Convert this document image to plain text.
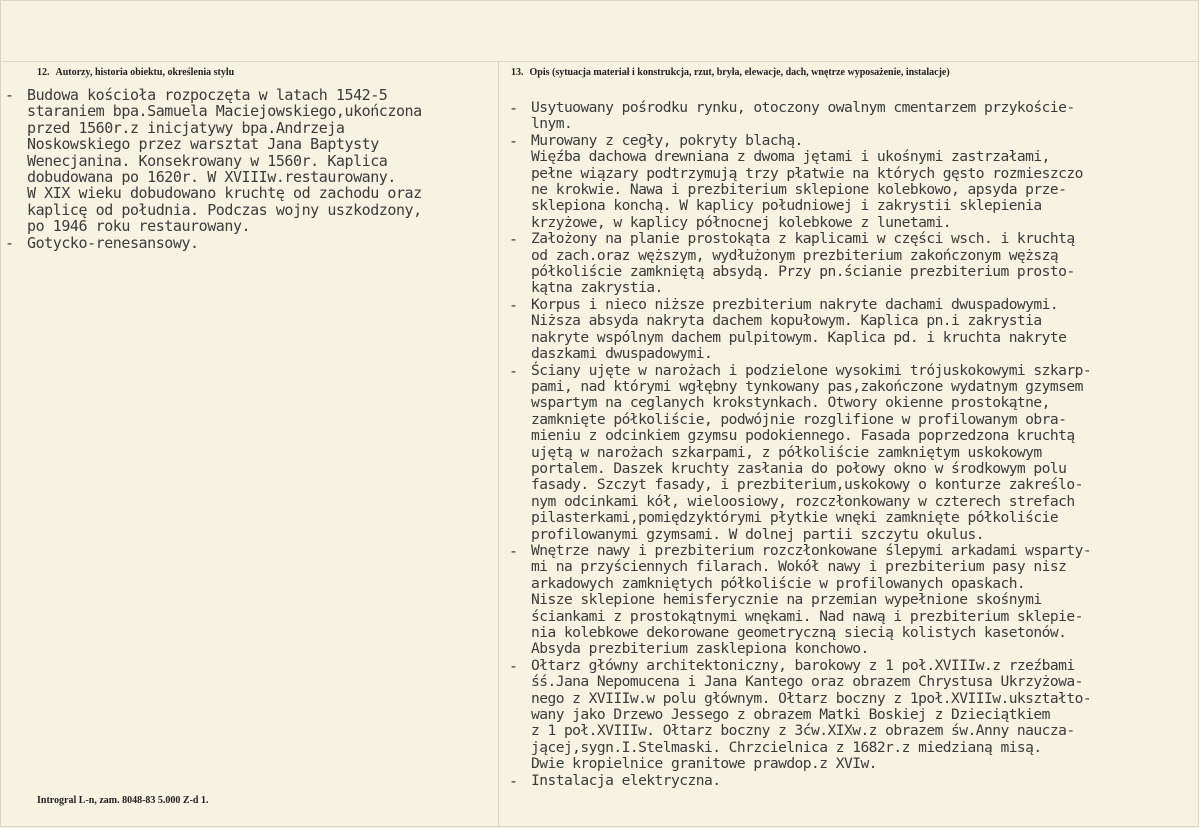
12. Autorzy, historia obiektu, określenia stylu	13. Opis (sytuacja materiał i konstrukcja, rzut, bryła, elewacje, dach, wnętrze wyposażenie, instalacje)
- Budowa kościoła rozpoczęta w latach 1542-5
staraniem bpa.Samuela Maciejowskiego,ukończona
przed 1560r.z inicjatywy bpa.Andrzeja
Noskowskiego przez warsztat Jana Baptysty
Wenecjanina. Konsekrowany w 1560r. Kaplica
dobudowana po 1620r. W XVIIIw.restaurowany.
W XIX wieku dobudowano kruchtę od zachodu oraz
kaplicę od południa. Podczas wojny uszkodzony,
po 1946 roku restaurowany.
- Gotycko-renesansowy.
- Usytuowany pośrodku rynku, otoczony owalnym cmentarzem przykoście-
lnym.
- Murowany z cegły, pokryty blachą.
Więźba dachowa drewniana z dwoma jętami i ukośnymi zastrzałami,
pełne wiązary podtrzymują trzy płatwie na których gęsto rozmieszczo
ne krokwie. Nawa i prezbiterium sklepione kolebkowo, apsyda prze-
sklepiona konchą. W kaplicy południowej i zakrystii sklepienia
krzyżowe, w kaplicy północnej kolebkowe z lunetami.
- Założony na planie prostokąta z kaplicami w części wsch. i kruchtą
od zach.oraz węższym, wydłużonym prezbiterium zakończonym węższą
półkoliście zamkniętą absydą. Przy pn.ścianie prezbiterium prosto-
kątna zakrystia.
- Korpus i nieco niższe prezbiterium nakryte dachami dwuspadowymi.
Niższa absyda nakryta dachem kopułowym. Kaplica pn.i zakrystia
nakryte wspólnym dachem pulpitowym. Kaplica pd. i kruchta nakryte
daszkami dwuspadowymi.
- Ściany ujęte w narożach i podzielone wysokimi trójuskokowymi szkarp-
pami, nad którymi wgłębny tynkowany pas,zakończone wydatnym gzymsem
wspartym na ceglanych krokstynkach. Otwory okienne prostokątne,
zamknięte półkoliście, podwójnie rozglifione w profilowanym obra-
mieniu z odcinkiem gzymsu podokiennego. Fasada poprzedzona kruchtą
ujętą w narożach szkarpami, z półkoliście zamkniętym uskokowym
portalem. Daszek kruchty zasłania do połowy okno w środkowym polu
fasady. Szczyt fasady, i prezbiterium,uskokowy o konturze zakreślo-
nym odcinkami kół, wieloosiowy, rozczłonkowany w czterech strefach
pilasterkami,pomiędzyktórymi płytkie wnęki zamknięte półkoliście
profilowanymi gzymsami. W dolnej partii szczytu okulus.
- Wnętrze nawy i prezbiterium rozczłonkowane ślepymi arkadami wsparty-
mi na przyściennych filarach. Wokół nawy i prezbiterium pasy nisz
arkadowych zamkniętych półkoliście w profilowanych opaskach.
Nisze sklepione hemisferycznie na przemian wypełnione skośnymi
ściankami z prostokątnymi wnękami. Nad nawą i prezbiterium sklepie-
nia kolebkowe dekorowane geometryczną siecią kolistych kasetonów.
Absyda prezbiterium zasklepiona konchowo.
- Ołtarz główny architektoniczny, barokowy z 1 poł.XVIIIw.z rzeźbami
śś.Jana Nepomucena i Jana Kantego oraz obrazem Chrystusa Ukrzyżowa-
nego z XVIIIw.w polu głównym. Ołtarz boczny z 1poł.XVIIIw.ukształto-
wany jako Drzewo Jessego z obrazem Matki Boskiej z Dzieciątkiem
z 1 poł.XVIIIw. Ołtarz boczny z 3ćw.XIXw.z obrazem św.Anny naucza-
jącej,sygn.I.Stelmaski. Chrzcielnica z 1682r.z miedzianą misą.
Dwie kropielnice granitowe prawdop.z XVIw.
- Instalacja elektryczna.
Introgral L-n, zam. 8048-83 5.000 Z-d 1.
